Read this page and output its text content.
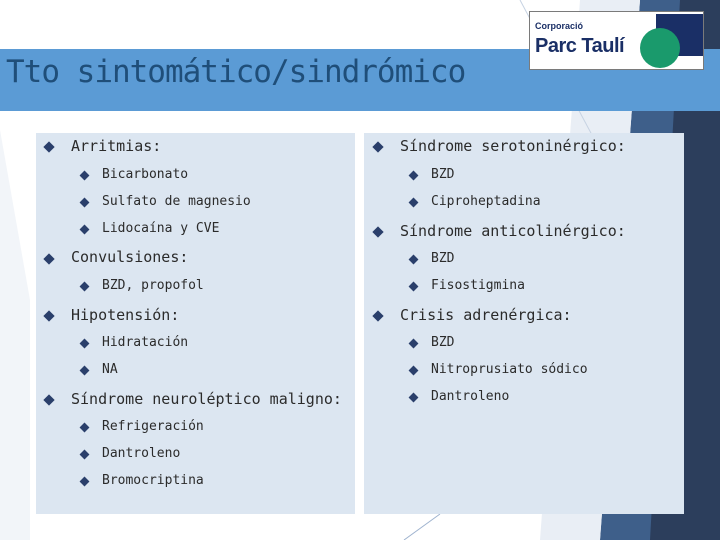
Tto sintomático/sindrómico
Corporació
Parc Taulí
Arritmias:
Bicarbonato
Sulfato de magnesio
Lidocaína y CVE
Convulsiones:
BZD, propofol
Hipotensión:
Hidratación
NA
Síndrome neuroléptico maligno:
Refrigeración
Dantroleno
Bromocriptina
Síndrome serotoninérgico:
BZD
Ciproheptadina
Síndrome anticolinérgico:
BZD
Fisostigmina
Crisis adrenérgica:
BZD
Nitroprusiato sódico
Dantroleno
